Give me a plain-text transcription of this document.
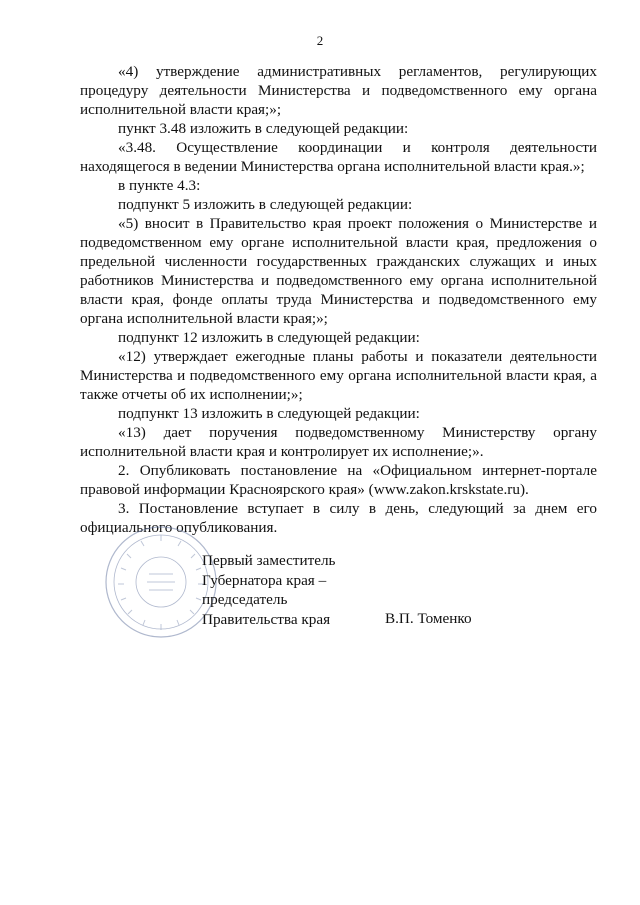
2

«4) утверждение административных регламентов, регулирующих процедуру деятельности Министерства и подведомственного ему органа исполнительной власти края;»;

пункт 3.48 изложить в следующей редакции:

«3.48. Осуществление координации и контроля деятельности находящегося в ведении Министерства органа исполнительной власти края.»;

в пункте 4.3:

подпункт 5 изложить в следующей редакции:

«5) вносит в Правительство края проект положения о Министерстве и подведомственном ему органе исполнительной власти края, предложения о предельной численности государственных гражданских служащих и иных работников Министерства и подведомственного ему органа исполнительной власти края, фонде оплаты труда Министерства и подведомственного ему органа исполнительной власти края;»;

подпункт 12 изложить в следующей редакции:

«12) утверждает ежегодные планы работы и показатели деятельности Министерства и подведомственного ему органа исполнительной власти края, а также отчеты об их исполнении;»;

подпункт 13 изложить в следующей редакции:

«13) дает поручения подведомственному Министерству органу исполнительной власти края и контролирует их исполнение;».

2. Опубликовать постановление на «Официальном интернет-портале правовой информации Красноярского края» (www.zakon.krskstate.ru).

3. Постановление вступает в силу в день, следующий за днем его официального опубликования.

Первый заместитель
Губернатора края –
председатель
Правительства края	В.П. Томенко
